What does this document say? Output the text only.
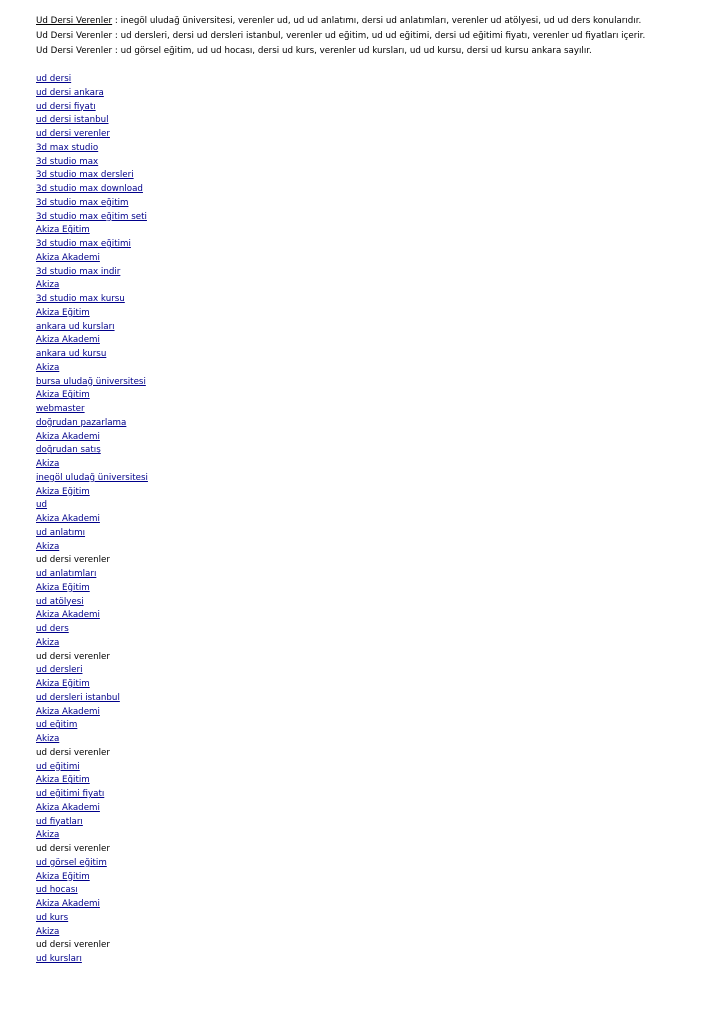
Ud Dersi Verenler : inegöl uludağ üniversitesi, verenler ud, ud ud anlatımı, dersi ud anlatımları, verenler ud atölyesi, ud ud ders konularıdır.

Ud Dersi Verenler : ud dersleri, dersi ud dersleri istanbul, verenler ud eğitim, ud ud eğitimi, dersi ud eğitimi fiyatı, verenler ud fiyatları içerir.

Ud Dersi Verenler : ud görsel eğitim, ud ud hocası, dersi ud kurs, verenler ud kursları, ud ud kursu, dersi ud kursu ankara sayılır.

ud dersi
ud dersi ankara
ud dersi fiyatı
ud dersi istanbul
ud dersi verenler
3d max studio
3d studio max
3d studio max dersleri
3d studio max download
3d studio max eğitim
3d studio max eğitim seti
Akiza Eğitim
3d studio max eğitimi
Akiza Akademi
3d studio max indir
Akiza
3d studio max kursu
Akiza Eğitim
ankara ud kursları
Akiza Akademi
ankara ud kursu
Akiza
bursa uludağ üniversitesi
Akiza Eğitim
webmaster
doğrudan pazarlama
Akiza Akademi
doğrudan satış
Akiza
inegöl uludağ üniversitesi
Akiza Eğitim
ud
Akiza Akademi
ud anlatımı
Akiza
ud dersi verenler
ud anlatımları
Akiza Eğitim
ud atölyesi
Akiza Akademi
ud ders
Akiza
ud dersi verenler
ud dersleri
Akiza Eğitim
ud dersleri istanbul
Akiza Akademi
ud eğitim
Akiza
ud dersi verenler
ud eğitimi
Akiza Eğitim
ud eğitimi fiyatı
Akiza Akademi
ud fiyatları
Akiza
ud dersi verenler
ud görsel eğitim
Akiza Eğitim
ud hocası
Akiza Akademi
ud kurs
Akiza
ud dersi verenler
ud kursları
